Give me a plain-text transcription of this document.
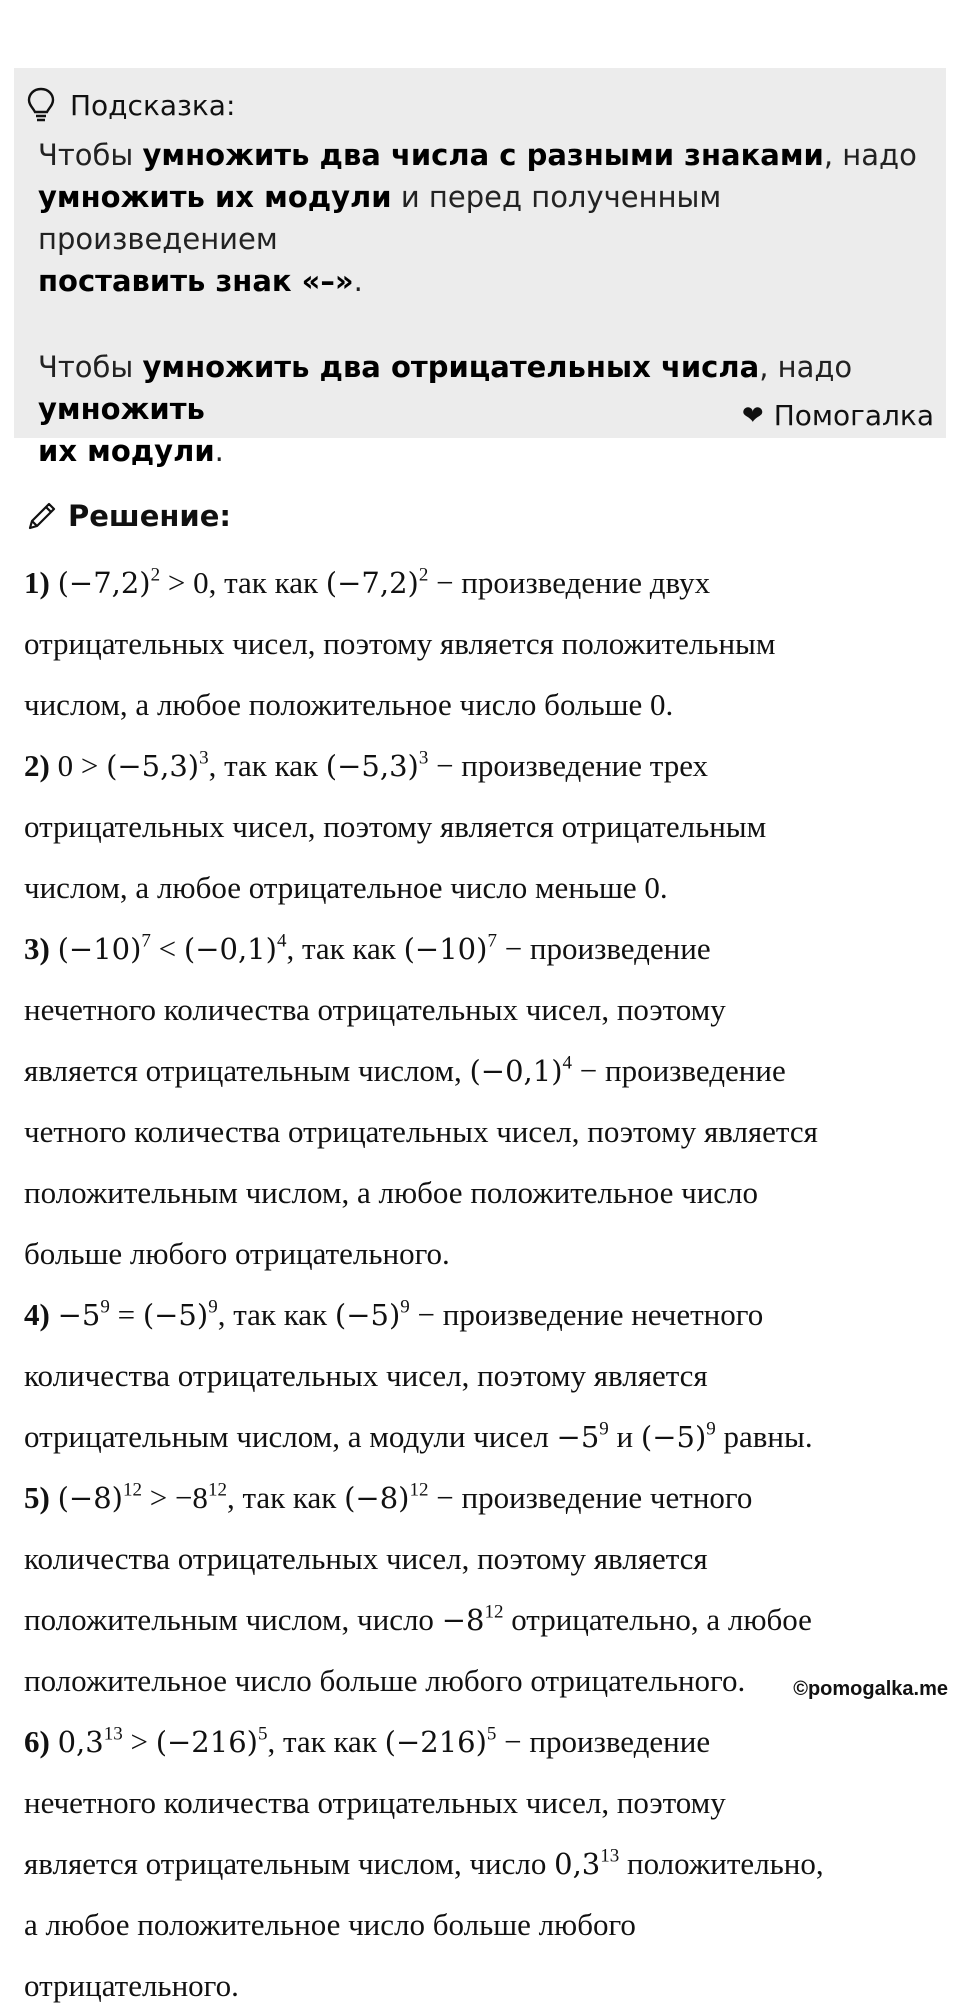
Подсказка:

Чтобы умножить два числа с разными знаками, надо
умножить их модули и перед полученным произведением
поставить знак «–».

Чтобы умножить два отрицательных числа, надо умножить
их модули.

❤ Помогалка
Решение:
1) $(-7,2)^2 > 0$, так как $(-7,2)^2$ − произведение двух
отрицательных чисел, поэтому является положительным
числом, а любое положительное число больше 0.
2) $0 > (-5,3)^3$, так как $(-5,3)^3$ − произведение трех
отрицательных чисел, поэтому является отрицательным
числом, а любое отрицательное число меньше 0.
3) $(-10)^7 < (-0,1)^4$, так как $(-10)^7$ − произведение
нечетного количества отрицательных чисел, поэтому
является отрицательным числом, $(-0,1)^4$ − произведение
четного количества отрицательных чисел, поэтому является
положительным числом, а любое положительное число
больше любого отрицательного.
$4) -5^9 = (-5)^9$, так как $(-5)^9$ − произведение нечетного
количества отрицательных чисел, поэтому является
отрицательным числом, а модули чисел $-5^9$ и $(-5)^9$ равны.
5) $(-8)^{12} > -8^{12}$, так как $(-8)^{12}$ − произведение четного
количества отрицательных чисел, поэтому является
положительным числом, число $-8^{12}$ отрицательно, а любое
положительное число больше любого отрицательного.
6) $0,3^{13} > (-216)^5$, так как $(-216)^5$ − произведение
нечетного количества отрицательных чисел, поэтому
является отрицательным числом, число $0,3^{13}$ положительно,
а любое положительное число больше любого
отрицательного.
©pomogalka.me
